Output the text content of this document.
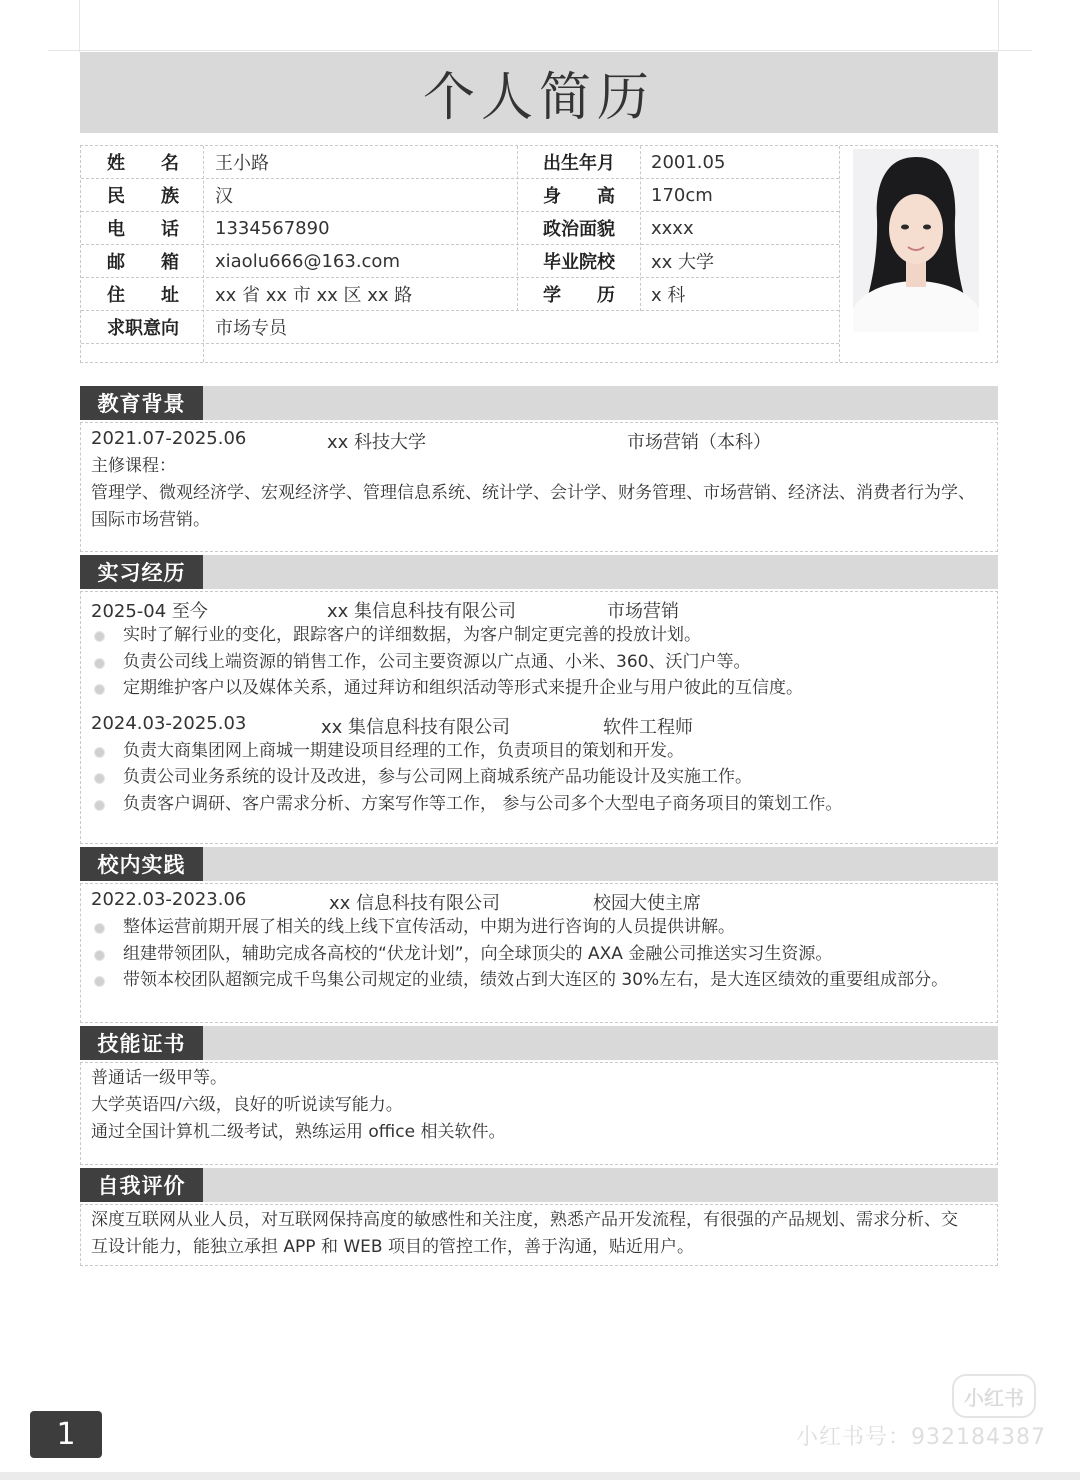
个人简历
姓 名 王小路	出生年月 2001.05
民 族 汉	身 高 170cm
电 话 1334567890	政治面貌 xxxx
邮 箱 xiaolu666@163.com	毕业院校 xx 大学
住 址 xx 省 xx 市 xx 区 xx 路	学 历 x 科
求职意向 市场专员
教育背景
2021.07-2025.06	xx 科技大学	市场营销（本科）
主修课程：
管理学、微观经济学、宏观经济学、管理信息系统、统计学、会计学、财务管理、市场营销、经济法、消费者行为学、
国际市场营销。
实习经历
2025-04 至今	xx 集信息科技有限公司	市场营销
实时了解行业的变化，跟踪客户的详细数据，为客户制定更完善的投放计划。
负责公司线上端资源的销售工作，公司主要资源以广点通、小米、360、沃门户等。
定期维护客户以及媒体关系，通过拜访和组织活动等形式来提升企业与用户彼此的互信度。
2024.03-2025.03	xx 集信息科技有限公司	软件工程师
负责大商集团网上商城一期建设项目经理的工作，负责项目的策划和开发。
负责公司业务系统的设计及改进，参与公司网上商城系统产品功能设计及实施工作。
负责客户调研、客户需求分析、方案写作等工作， 参与公司多个大型电子商务项目的策划工作。
校内实践
2022.03-2023.06	xx 信息科技有限公司	校园大使主席
整体运营前期开展了相关的线上线下宣传活动，中期为进行咨询的人员提供讲解。
组建带领团队，辅助完成各高校的“伏龙计划”，向全球顶尖的 AXA 金融公司推送实习生资源。
带领本校团队超额完成千鸟集公司规定的业绩，绩效占到大连区的 30%左右，是大连区绩效的重要组成部分。
技能证书
普通话一级甲等。
大学英语四/六级，良好的听说读写能力。
通过全国计算机二级考试，熟练运用 office 相关软件。
自我评价
深度互联网从业人员，对互联网保持高度的敏感性和关注度，熟悉产品开发流程，有很强的产品规划、需求分析、交
互设计能力，能独立承担 APP 和 WEB 项目的管控工作，善于沟通，贴近用户。
小红书
小红书号：932184387
1
